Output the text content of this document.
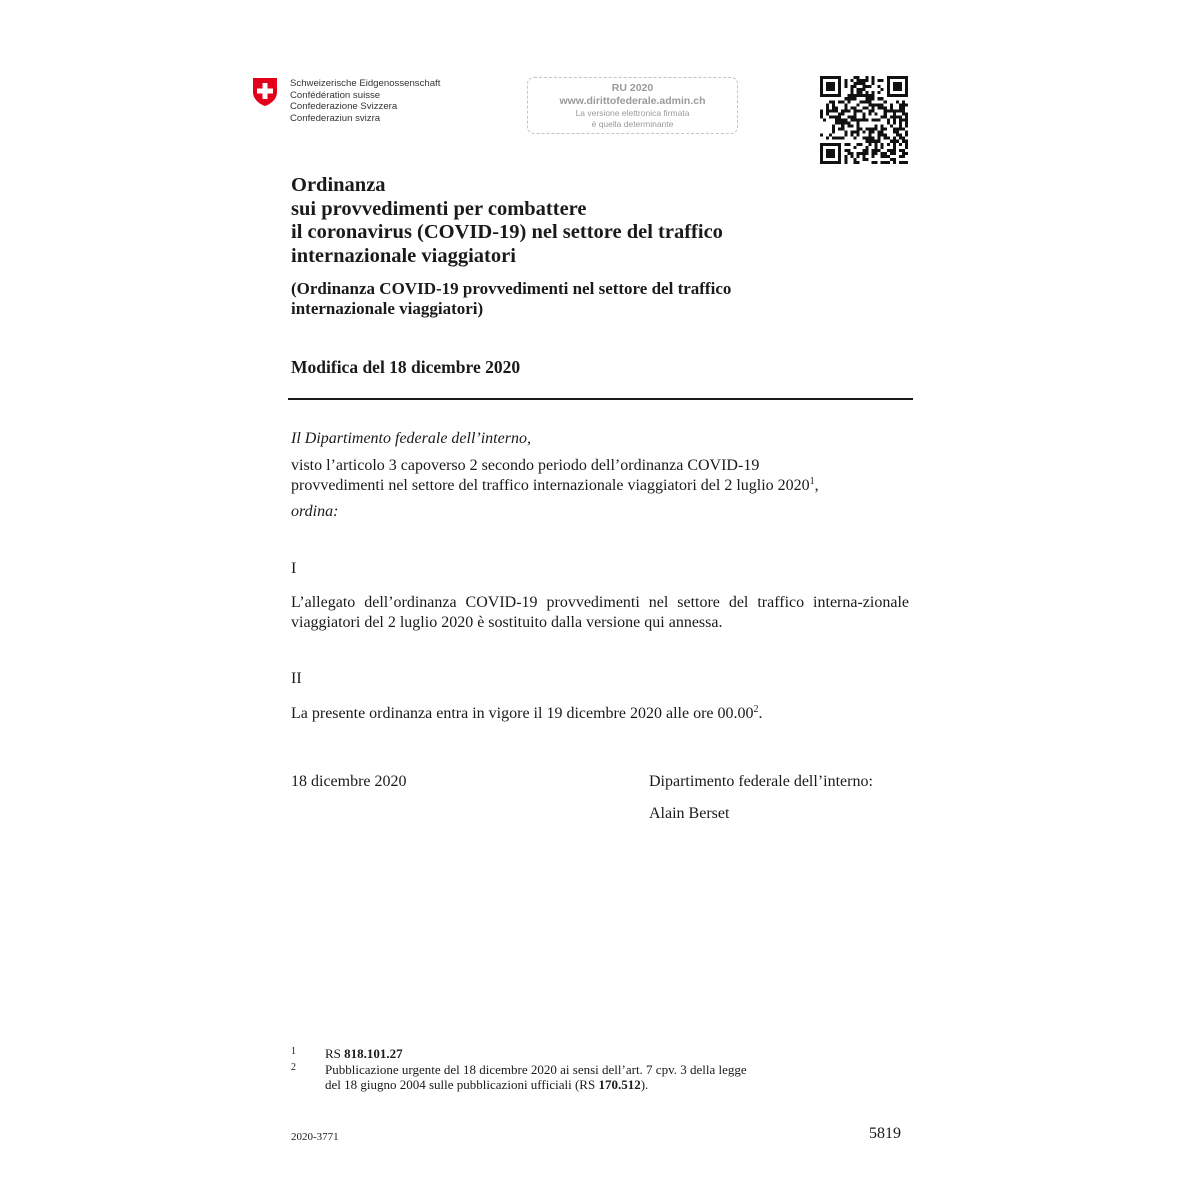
Schweizerische Eidgenossenschaft
Confédération suisse
Confederazione Svizzera
Confederaziun svizra
RU 2020
www.dirittofederale.admin.ch
La versione elettronica firmata
è quella determinante
Ordinanza
sui provvedimenti per combattere
il coronavirus (COVID-19) nel settore del traffico
internazionale viaggiatori
(Ordinanza COVID-19 provvedimenti nel settore del traffico
internazionale viaggiatori)
Modifica del 18 dicembre 2020
Il Dipartimento federale dell’interno,
visto l’articolo 3 capoverso 2 secondo periodo dell’ordinanza COVID-19
provvedimenti nel settore del traffico internazionale viaggiatori del 2 luglio 2020$^1$,
ordina:
I
L’allegato dell’ordinanza COVID-19 provvedimenti nel settore del traffico interna-zionale viaggiatori del 2 luglio 2020 è sostituito dalla versione qui annessa.
II
La presente ordinanza entra in vigore il 19 dicembre 2020 alle ore 00.00$^2$.
18 dicembre 2020	Dipartimento federale dell’interno:
Alain Berset
1 RS 818.101.27
2 Pubblicazione urgente del 18 dicembre 2020 ai sensi dell’art. 7 cpv. 3 della legge
del 18 giugno 2004 sulle pubblicazioni ufficiali (RS 170.512).
2020-3771	5819
